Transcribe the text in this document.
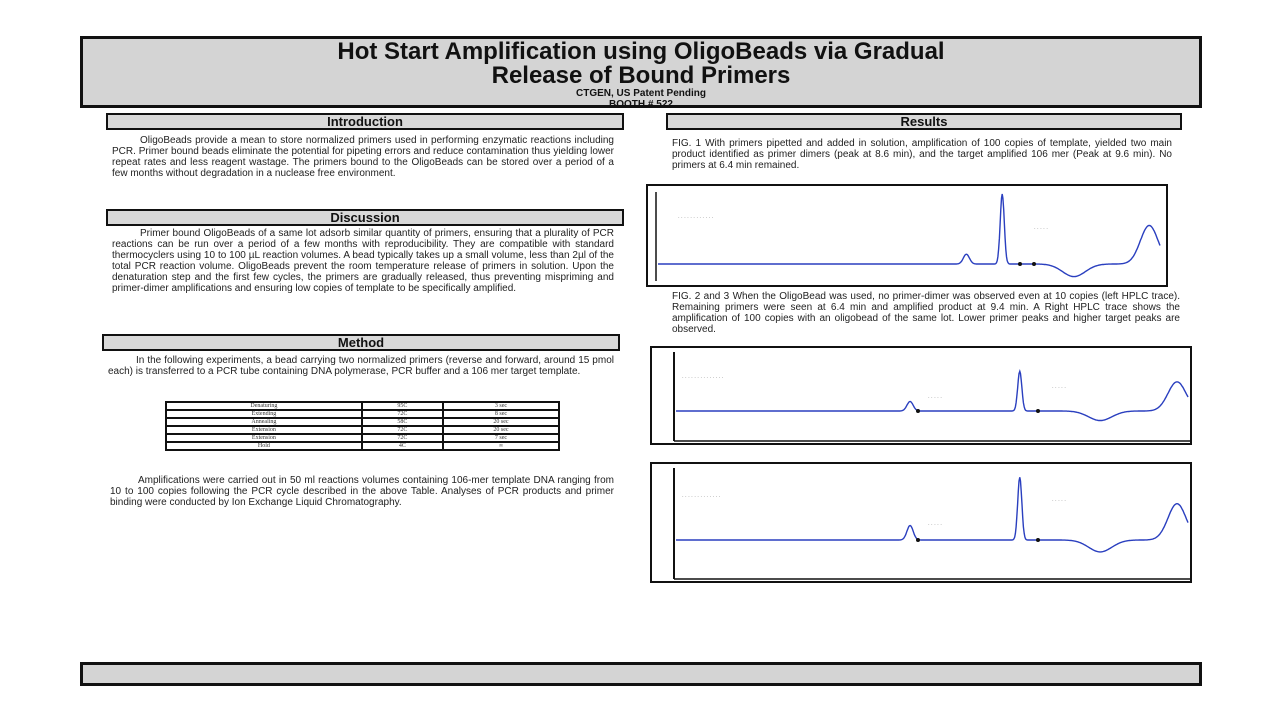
Hot Start Amplification using OligoBeads via Gradual

Release of Bound Primers

CTGEN, US Patent Pending
BOOTH # 522
Introduction

OligoBeads provide a mean to store normalized primers used in performing enzymatic reactions including PCR. Primer bound beads eliminate the potential for pipeting errors and reduce contamination thus yielding lower repeat rates and less reagent wastage. The primers bound to the OligoBeads can be stored over a period of a few months without degradation in a nuclease free environment.

Discussion

Primer bound OligoBeads of a same lot adsorb similar quantity of primers, ensuring that a plurality of PCR reactions can be run over a period of a few months with reproducibility. They are compatible with standard thermocyclers using 10 to 100 µL reaction volumes. A bead typically takes up a small volume, less than 2µl of the total PCR reaction volume. OligoBeads prevent the room temperature release of primers in solution. Upon the denaturation step and the first few cycles, the primers are gradually released, thus preventing mispriming and primer-dimer amplifications and ensuring low copies of template to be specifically amplified.

Method

In the following experiments, a bead carrying two normalized primers (reverse and forward, around 15 pmol each) is transferred to a PCR tube containing DNA polymerase, PCR buffer and a 106 mer target template.

Denaturing	95C	3 sec
Extending	72C	8 sec
Annealing	58C	20 sec
Extension	72C	20 sec
Extension	72C	7 sec
Hold	4C	∞

Amplifications were carried out in 50 ml reactions volumes containing 106-mer template DNA ranging from 10 to 100 copies following the PCR cycle described in the above Table. Analyses of PCR products and primer binding were conducted by Ion Exchange Liquid Chromatography.

Results

FIG. 1 With primers pipetted and added in solution, amplification of 100 copies of template, yielded two main product identified as primer dimers (peak at 8.6 min), and the target amplified 106 mer (Peak at 9.6 min). No primers at 6.4 min remained.

· · · · · · · · · · · ·
· · · · ·

FIG. 2 and 3 When the OligoBead was used, no primer-dimer was observed even at 10 copies (left HPLC trace). Remaining primers were seen at 6.4 min and amplified product at 9.4 min. A Right HPLC trace shows the amplification of 100 copies with an oligobead of the same lot. Lower primer peaks and higher target peaks are observed.

· · · · · · · · · · · · · ·
· · · · ·
· · · · ·
· · · · · · · · · · · · ·
· · · · ·
· · · · ·
